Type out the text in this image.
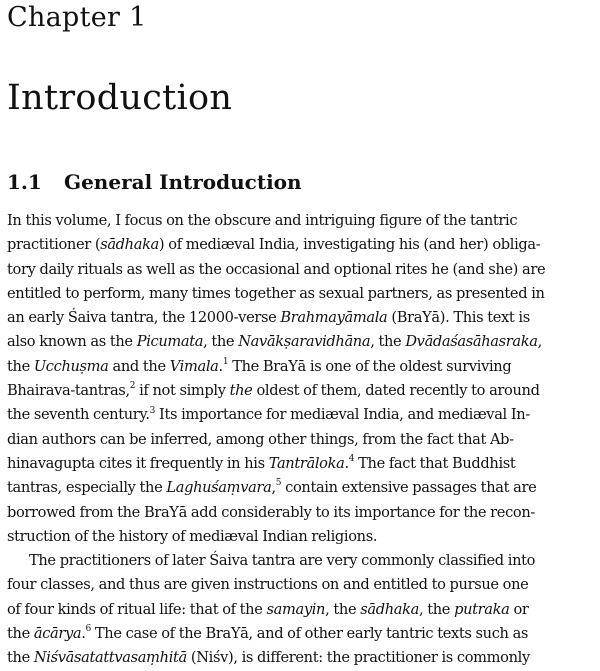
Chapter 1
Introduction
1.1 General Introduction
In this volume, I focus on the obscure and intriguing figure of the tantric
practitioner (sādhaka) of mediæval India, investigating his (and her) obliga-
tory daily rituals as well as the occasional and optional rites he (and she) are
entitled to perform, many times together as sexual partners, as presented in
an early Śaiva tantra, the 12000-verse Brahmayāmala (BraYā). This text is
also known as the Picumata, the Navākṣaravidhāna, the Dvādaśasāhasraka,
the Ucchuṣma and the Vimala.$^1$ The BraYā is one of the oldest surviving
Bhairava-tantras,$^2$ if not simply the oldest of them, dated recently to around
the seventh century.$^3$ Its importance for mediæval India, and mediæval In-
dian authors can be inferred, among other things, from the fact that Ab-
hinavagupta cites it frequently in his Tantrāloka.$^4$ The fact that Buddhist
tantras, especially the Laghuśaṃvara,$^5$ contain extensive passages that are
borrowed from the BraYā add considerably to its importance for the recon-
struction of the history of mediæval Indian religions.
The practitioners of later Śaiva tantra are very commonly classified into
four classes, and thus are given instructions on and entitled to pursue one
of four kinds of ritual life: that of the samayin, the sādhaka, the putraka or
the ācārya.$^6$ The case of the BraYā, and of other early tantric texts such as
the Niśvāsatattvasaṃhitā (Niśv), is different: the practitioner is commonly
